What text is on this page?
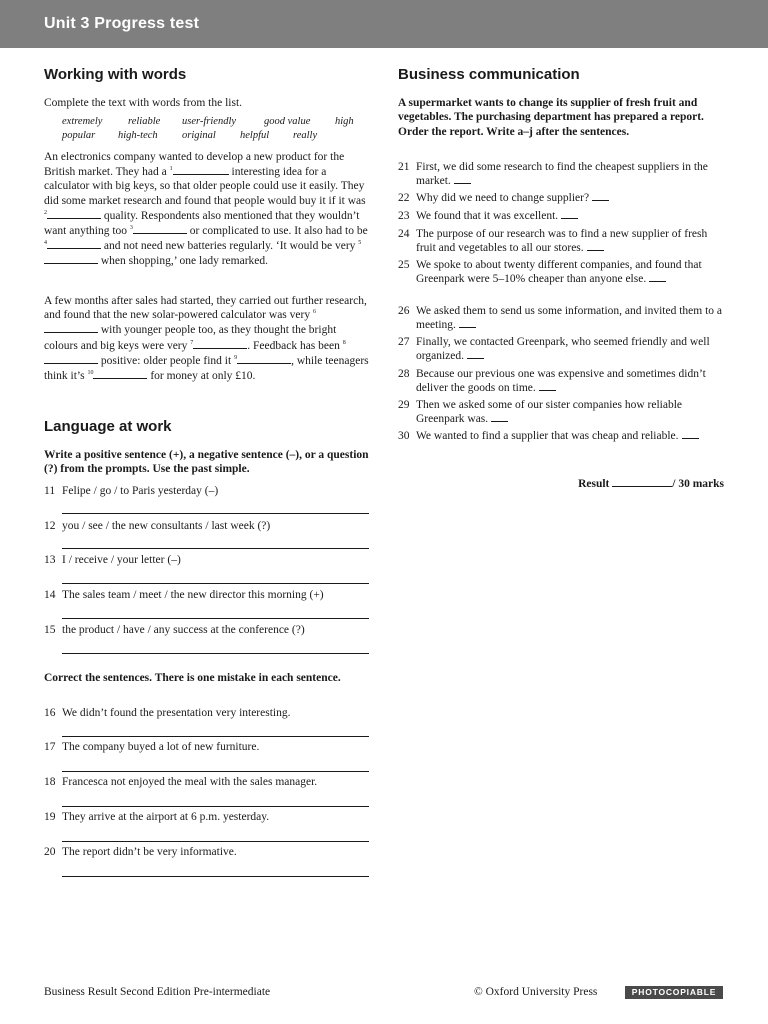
Unit 3 Progress test
Working with words
Complete the text with words from the list.
extremely reliable user-friendly	good value high
popular high-tech original helpful really

An electronics company wanted to develop a new product for the British market. They had a $^1$	interesting idea for a calculator with big keys, so that older people could use it easily. They did some market research and found that people would buy it if it was $^2$	quality. Respondents also mentioned that they wouldn’t want anything too $^3$	or complicated to use. It also had to be $^4$	and not need new batteries regularly. ‘It would be very $^5$ when shopping,’ one lady remarked.

A few months after sales had started, they carried out further research, and found that the new solar-powered calculator was very $^6$ with younger people too, as they thought the bright colours and big keys were very $^7$	. Feedback has been $^8$ positive: older people find it $^9$	, while teenagers think it’s $^{10}$	for money at only £10.

Language at work
Write a positive sentence (+), a negative sentence (–), or a question (?) from the prompts. Use the past simple.
11 Felipe / go / to Paris yesterday (–)
12 you / see / the new consultants / last week (?)
13 I / receive / your letter (–)
14 The sales team / meet / the new director this morning (+)
15 the product / have / any success at the conference (?)
Correct the sentences. There is one mistake in each sentence.
16 We didn’t found the presentation very interesting.
17 The company buyed a lot of new furniture.
18 Francesca not enjoyed the meal with the sales manager.
19 They arrive at the airport at 6 p.m. yesterday.
20 The report didn’t be very informative.
Business communication
A supermarket wants to change its supplier of fresh fruit and vegetables. The purchasing department has prepared a report. Order the report. Write a–j after the sentences.
21 First, we did some research to find the cheapest suppliers in the market.
22 Why did we need to change supplier?
23 We found that it was excellent.
24 The purpose of our research was to find a new supplier of fresh fruit and vegetables to all our stores.
25 We spoke to about twenty different companies, and found that Greenpark were 5–10% cheaper than anyone else.
26 We asked them to send us some information, and invited them to a meeting.
27 Finally, we contacted Greenpark, who seemed friendly and well organized.
28 Because our previous one was expensive and sometimes didn’t deliver the goods on time.
29 Then we asked some of our sister companies how reliable Greenpark was.
30 We wanted to find a supplier that was cheap and reliable.
Result	/ 30 marks
Business Result Second Edition Pre-intermediate	© Oxford University Press	PHOTOCOPIABLE
